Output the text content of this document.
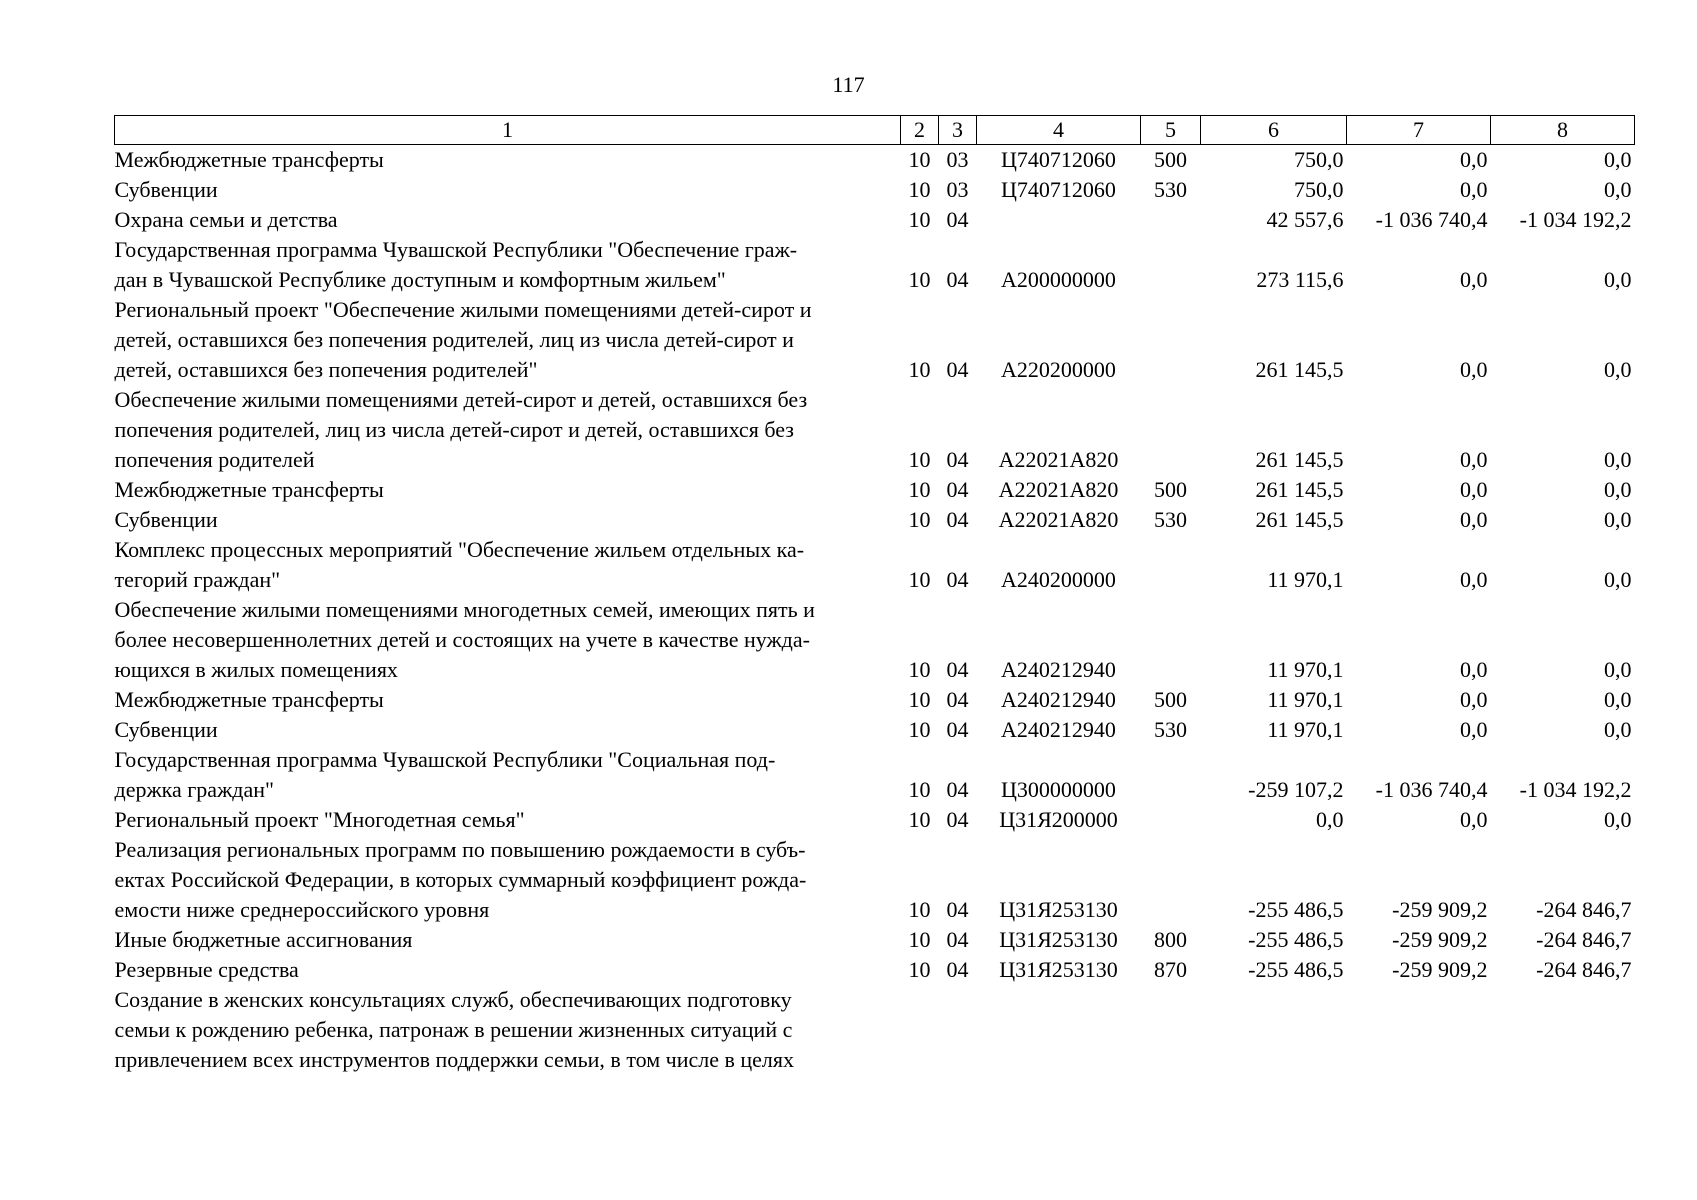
117
1	2	3	4	5	6	7	8

Межбюджетные трансферты	10	03	Ц740712060	500	750,0	0,0	0,0

Субвенции	10	03	Ц740712060	530	750,0	0,0	0,0

Охрана семьи и детства	10	04			42 557,6	-1 036 740,4	-1 034 192,2

Государственная программа Чувашской Республики "Обеспечение граж-
дан в Чувашской Республике доступным и комфортным жильем"	10	04	А200000000		273 115,6	0,0	0,0

Региональный проект "Обеспечение жилыми помещениями детей-сирот и
детей, оставшихся без попечения родителей, лиц из числа детей-сирот и
детей, оставшихся без попечения родителей"	10	04	А220200000		261 145,5	0,0	0,0

Обеспечение жилыми помещениями детей-сирот и детей, оставшихся без
попечения родителей, лиц из числа детей-сирот и детей, оставшихся без
попечения родителей	10	04	А22021А820		261 145,5	0,0	0,0

Межбюджетные трансферты	10	04	А22021А820	500	261 145,5	0,0	0,0

Субвенции	10	04	А22021А820	530	261 145,5	0,0	0,0

Комплекс процессных мероприятий "Обеспечение жильем отдельных ка-
тегорий граждан"	10	04	А240200000		11 970,1	0,0	0,0

Обеспечение жилыми помещениями многодетных семей, имеющих пять и
более несовершеннолетних детей и состоящих на учете в качестве нужда-
ющихся в жилых помещениях	10	04	А240212940		11 970,1	0,0	0,0

Межбюджетные трансферты	10	04	А240212940	500	11 970,1	0,0	0,0

Субвенции	10	04	А240212940	530	11 970,1	0,0	0,0

Государственная программа Чувашской Республики "Социальная под-
держка граждан"	10	04	Ц300000000		-259 107,2	-1 036 740,4	-1 034 192,2

Региональный проект "Многодетная семья"	10	04	Ц31Я200000		0,0	0,0	0,0

Реализация региональных программ по повышению рождаемости в субъ-
ектах Российской Федерации, в которых суммарный коэффициент рожда-
емости ниже среднероссийского уровня	10	04	Ц31Я253130		-255 486,5	-259 909,2	-264 846,7

Иные бюджетные ассигнования	10	04	Ц31Я253130	800	-255 486,5	-259 909,2	-264 846,7

Резервные средства	10	04	Ц31Я253130	870	-255 486,5	-259 909,2	-264 846,7

Создание в женских консультациях служб, обеспечивающих подготовку
семьи к рождению ребенка, патронаж в решении жизненных ситуаций с
привлечением всех инструментов поддержки семьи, в том числе в целях							
